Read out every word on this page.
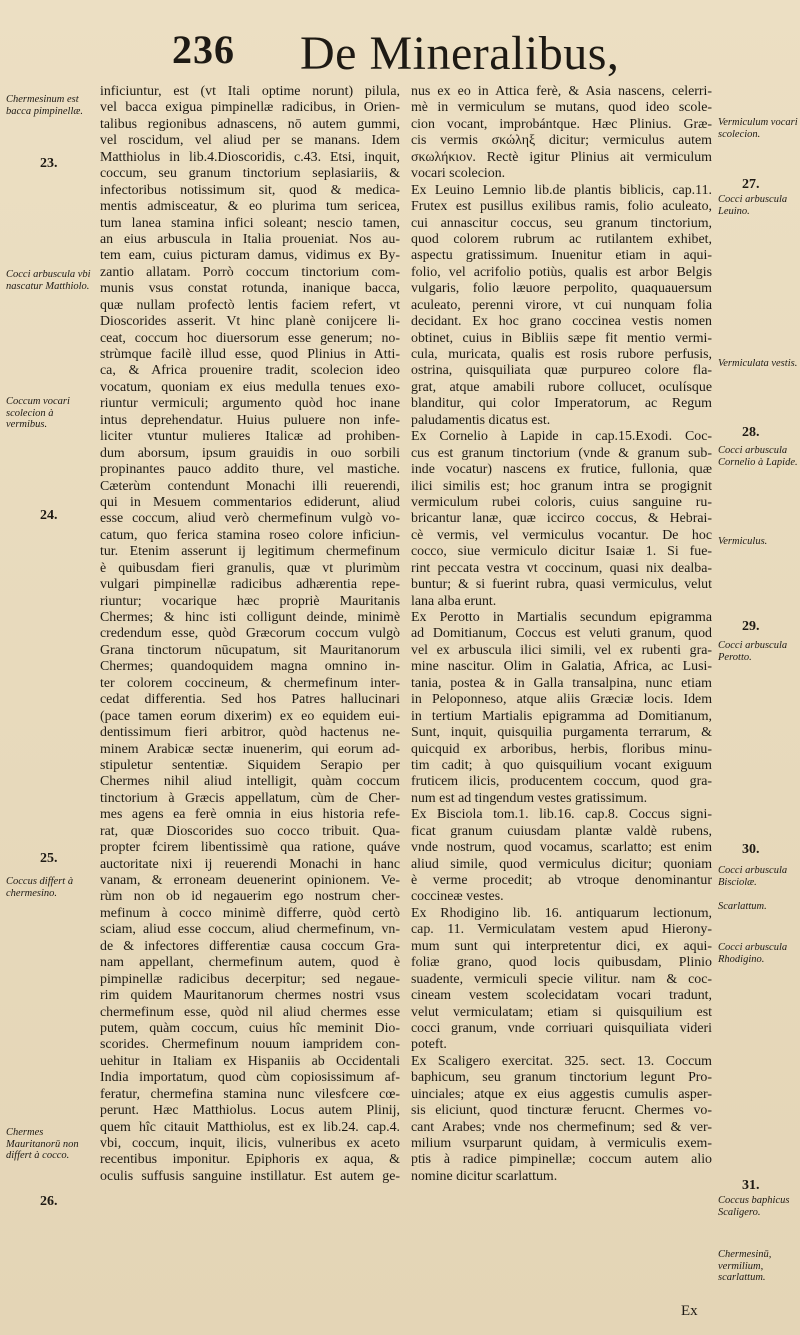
236 De Mineralibus,
inficiuntur, est (vt Itali optime norunt) pilula,
vel bacca exigua pimpinellæ radicibus, in Orien-
talibus regionibus adnascens, nō autem gummi,
vel roscidum, vel aliud per se manans. Idem
Matthiolus in lib.4.Dioscoridis, c.43. Etsi, inquit,
coccum, seu granum tinctorium seplasiariis, &
infectoribus notissimum sit, quod & medica-
mentis admisceatur, & eo plurima tum sericea,
tum lanea stamina infici soleant; nescio tamen,
an eius arbuscula in Italia proueniat. Nos au-
tem eam, cuius picturam damus, vidimus ex By-
zantio allatam. Porrò coccum tinctorium com-
munis vsus constat rotunda, inanique bacca,
quæ nullam profectò lentis faciem refert, vt
Dioscorides asserit. Vt hinc planè conijcere li-
ceat, coccum hoc diuersorum esse generum; no-
strùmque facilè illud esse, quod Plinius in Atti-
ca, & Africa prouenire tradit, scolecion ideo
vocatum, quoniam ex eius medulla tenues exo-
riuntur vermiculi; argumento quòd hoc inane
intus deprehendatur. Huius puluere non infe-
liciter vtuntur mulieres Italicæ ad prohiben-
dum aborsum, ipsum grauidis in ouo sorbili
propinantes pauco addito thure, vel mastiche.
Cæterùm contendunt Monachi illi reuerendi,
qui in Mesuem commentarios ediderunt, aliud
esse coccum, aliud verò chermefinum vulgò vo-
catum, quo ferica stamina roseo colore inficiun-
tur. Etenim asserunt ij legitimum chermefinum
è quibusdam fieri granulis, quæ vt plurimùm
vulgari pimpinellæ radicibus adhærentia repe-
riuntur; vocarique hæc propriè Mauritanis
Chermes; & hinc isti colligunt deinde, minimè
credendum esse, quòd Græcorum coccum vulgò
Grana tinctorum nūcupatum, sit Mauritanorum
Chermes; quandoquidem magna omnino in-
ter colorem coccineum, & chermefinum inter-
cedat differentia. Sed hos Patres hallucinari
(pace tamen eorum dixerim) ex eo equidem eui-
dentissimum fieri arbitror, quòd hactenus ne-
minem Arabicæ sectæ inuenerim, qui eorum ad-
stipuletur sententiæ. Siquidem Serapio per
Chermes nihil aliud intelligit, quàm coccum
tinctorium à Græcis appellatum, cùm de Cher-
mes agens ea ferè omnia in eius historia refe-
rat, quæ Dioscorides suo cocco tribuit. Qua-
propter fcirem libentissimè qua ratione, quáve
auctoritate nixi ij reuerendi Monachi in hanc
vanam, & erroneam deuenerint opinionem. Ve-
rùm non ob id negauerim ego nostrum cher-
mefinum à cocco minimè differre, quòd certò
sciam, aliud esse coccum, aliud chermefinum, vn-
de & infectores differentiæ causa coccum Gra-
nam appellant, chermefinum autem, quod è
pimpinellæ radicibus decerpitur; sed negaue-
rim quidem Mauritanorum chermes nostri vsus
chermefinum esse, quòd nil aliud chermes esse
putem, quàm coccum, cuius hîc meminit Dio-
scorides. Chermefinum nouum iampridem con-
uehitur in Italiam ex Hispaniis ab Occidentali
India importatum, quod cùm copiosissimum af-
feratur, chermefina stamina nunc vilesfcere cœ-
perunt. Hæc Matthiolus. Locus autem Plinij,
quem hîc citauit Matthiolus, est ex lib.24. cap.4.
vbi, coccum, inquit, ilicis, vulneribus ex aceto
recentibus imponitur. Epiphoris ex aqua, &
oculis suffusis sanguine instillatur. Est autem ge-
nus ex eo in Attica ferè, & Asia nascens, celerri-
mè in vermiculum se mutans, quod ideo scole-
cion vocant, improbántque. Hæc Plinius. Græ-
cis vermis σκώληξ dicitur; vermiculus autem
σκωλήκιον. Rectè igitur Plinius ait vermiculum
vocari scolecion.
Ex Leuino Lemnio lib.de plantis biblicis, cap.11.
Frutex est pusillus exilibus ramis, folio aculeato,
cui annascitur coccus, seu granum tinctorium,
quod colorem rubrum ac rutilantem exhibet,
aspectu gratissimum. Inuenitur etiam in aqui-
folio, vel acrifolio potiùs, qualis est arbor Belgis
vulgaris, folio læuore perpolito, quaquauersum
aculeato, perenni virore, vt cui nunquam folia
decidant. Ex hoc grano coccinea vestis nomen
obtinet, cuius in Bibliis sæpe fit mentio vermi-
cula, muricata, qualis est rosis rubore perfusis,
ostrina, quisquiliata quæ purpureo colore fla-
grat, atque amabili rubore collucet, oculísque
blanditur, qui color Imperatorum, ac Regum
paludamentis dicatus est.
Ex Cornelio à Lapide in cap.15.Exodi. Coc-
cus est granum tinctorium (vnde & granum sub-
inde vocatur) nascens ex frutice, fullonia, quæ
ilici similis est; hoc granum intra se progignit
vermiculum rubei coloris, cuius sanguine ru-
bricantur lanæ, quæ iccirco coccus, & Hebrai-
cè vermis, vel vermiculus vocantur. De hoc
cocco, siue vermiculo dicitur Isaiæ 1. Si fue-
rint peccata vestra vt coccinum, quasi nix dealba-
buntur; & si fuerint rubra, quasi vermiculus, velut
lana alba erunt.
Ex Perotto in Martialis secundum epigramma
ad Domitianum, Coccus est veluti granum, quod
vel ex arbuscula ilici simili, vel ex rubenti gra-
mine nascitur. Olim in Galatia, Africa, ac Lusi-
tania, postea & in Galla transalpina, nunc etiam
in Peloponneso, atque aliis Græciæ locis. Idem
in tertium Martialis epigramma ad Domitianum,
Sunt, inquit, quisquilia purgamenta terrarum, &
quicquid ex arboribus, herbis, floribus minu-
tim cadit; à quo quisquilium vocant exiguum
fruticem ilicis, producentem coccum, quod gra-
num est ad tingendum vestes gratissimum.
Ex Bisciola tom.1. lib.16. cap.8. Coccus signi-
ficat granum cuiusdam plantæ valdè rubens,
vnde nostrum, quod vocamus, scarlatto; est enim
aliud simile, quod vermiculus dicitur; quoniam
è verme procedit; ab vtroque denominantur
coccineæ vestes.
Ex Rhodigino lib. 16. antiquarum lectionum,
cap. 11. Vermiculatam vestem apud Hierony-
mum sunt qui interpretentur dici, ex aqui-
foliæ grano, quod locis quibusdam, Plinio
suadente, vermiculi specie vilitur. nam & coc-
cineam vestem scolecidatam vocari tradunt,
velut vermiculatam; etiam si quisquilium est
cocci granum, vnde corriuari quisquiliata videri
poteft.
Ex Scaligero exercitat. 325. sect. 13. Coccum
baphicum, seu granum tinctorium legunt Pro-
uinciales; atque ex eius aggestis cumulis asper-
sis eliciunt, quod tincturæ ferucnt. Chermes vo-
cant Arabes; vnde nos chermefinum; sed & ver-
milium vsurparunt quidam, à vermiculis exem-
ptis à radice pimpinellæ; coccum autem alio
nomine dicitur scarlattum.
Chermesinum est bacca pimpinellæ.
Cocci arbuscula vbi nascatur Matthiolo.
Coccum vocari scolecion à vermibus.
Coccus differt à chermesino.
Chermes Mauritanorū non differt à cocco.
23.
24.
25.
26.
Vermiculum vocari scolecion.
Cocci arbuscula Leuino.
Vermiculata vestis.
Cocci arbuscula Cornelio à Lapide.
Vermiculus.
Cocci arbuscula Perotto.
Cocci arbuscula Bisciolæ.
Scarlattum.
Cocci arbuscula Rhodigino.
Coccus baphicus Scaligero.
Chermesinū, vermilium, scarlattum.
27.
28.
29.
30.
31.
Ex
